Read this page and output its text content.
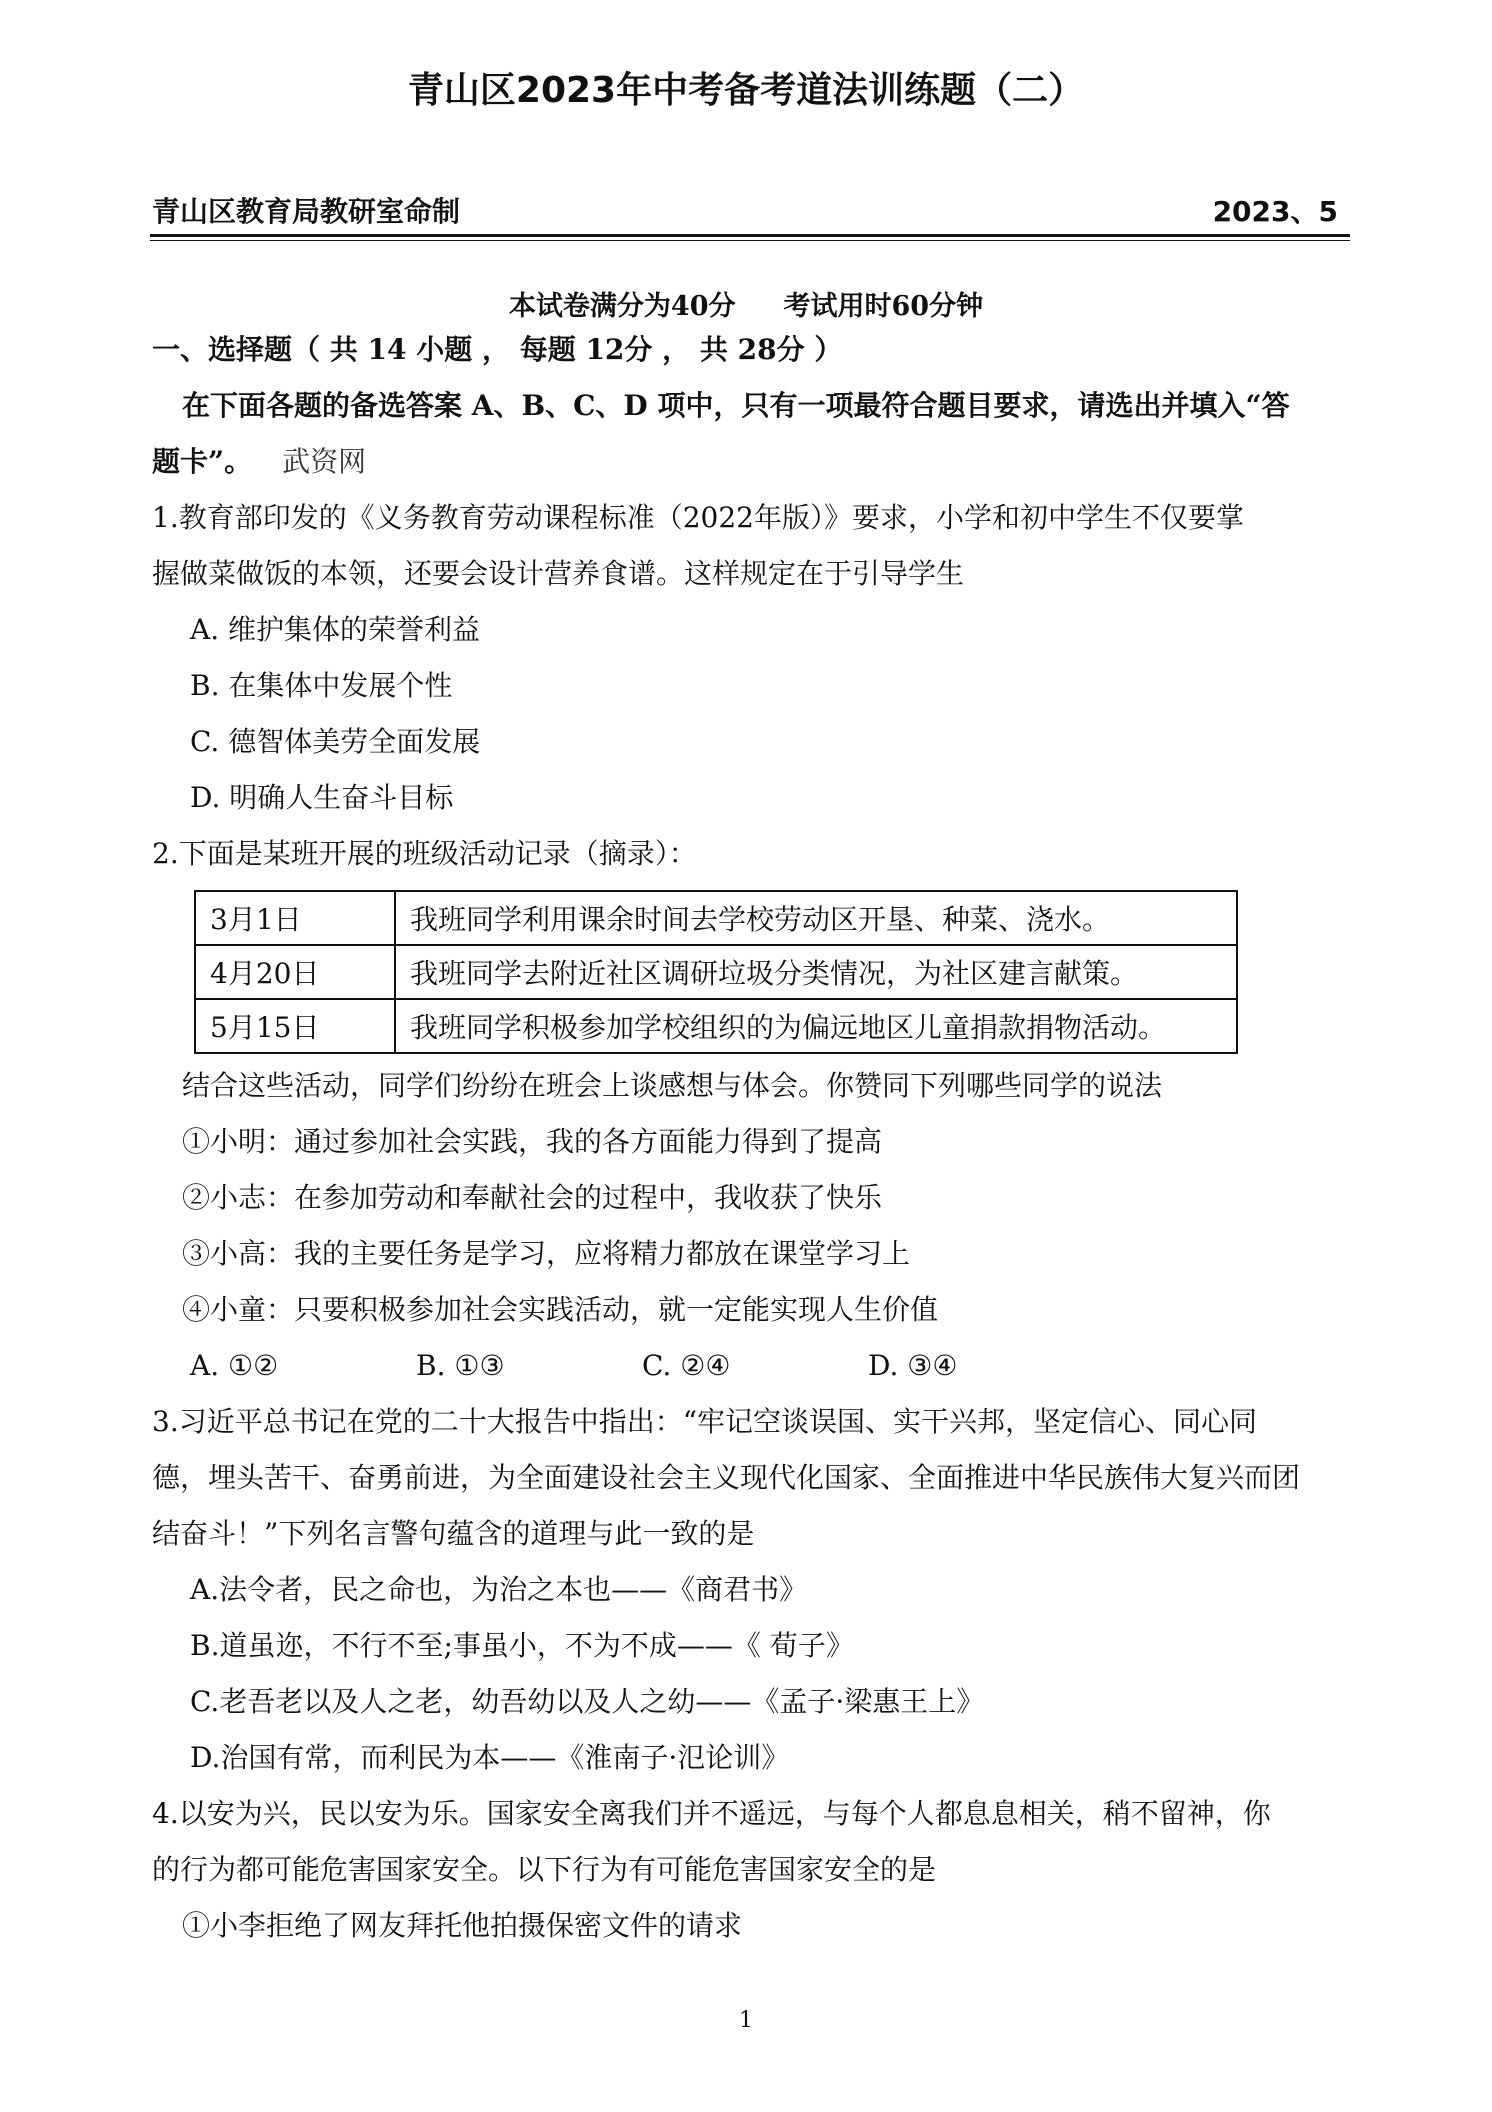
青山区2023年中考备考道法训练题（二）
青山区教育局教研室命制	2023、5
本试卷满分为40分 考试用时60分钟
一、选择题（ 共 14 小题 ， 每题 12分 ， 共 28分 ）
在下面各题的备选答案 A、B、C、D 项中，只有一项最符合题目要求，请选出并填入“答
题卡”。 武资网
1.教育部印发的《义务教育劳动课程标准（2022年版）》要求，小学和初中学生不仅要掌
握做菜做饭的本领，还要会设计营养食谱。这样规定在于引导学生
A. 维护集体的荣誉利益
B. 在集体中发展个性
C. 德智体美劳全面发展
D. 明确人生奋斗目标
2.下面是某班开展的班级活动记录（摘录）：
3月1日	我班同学利用课余时间去学校劳动区开垦、种菜、浇水。
4月20日	我班同学去附近社区调研垃圾分类情况，为社区建言献策。
5月15日	我班同学积极参加学校组织的为偏远地区儿童捐款捐物活动。
结合这些活动，同学们纷纷在班会上谈感想与体会。你赞同下列哪些同学的说法
①小明：通过参加社会实践，我的各方面能力得到了提高
②小志：在参加劳动和奉献社会的过程中，我收获了快乐
③小高：我的主要任务是学习，应将精力都放在课堂学习上
④小童：只要积极参加社会实践活动，就一定能实现人生价值
A. ①②	B. ①③	C. ②④	D. ③④
3.习近平总书记在党的二十大报告中指出：“牢记空谈误国、实干兴邦，坚定信心、同心同
德，埋头苦干、奋勇前进，为全面建设社会主义现代化国家、全面推进中华民族伟大复兴而团
结奋斗！”下列名言警句蕴含的道理与此一致的是
A.法令者，民之命也，为治之本也——《商君书》
B.道虽迩，不行不至;事虽小，不为不成——《 荀子》
C.老吾老以及人之老，幼吾幼以及人之幼——《孟子·梁惠王上》
D.治国有常，而利民为本——《淮南子·氾论训》
4.以安为兴，民以安为乐。国家安全离我们并不遥远，与每个人都息息相关，稍不留神，你
的行为都可能危害国家安全。以下行为有可能危害国家安全的是
①小李拒绝了网友拜托他拍摄保密文件的请求
1
